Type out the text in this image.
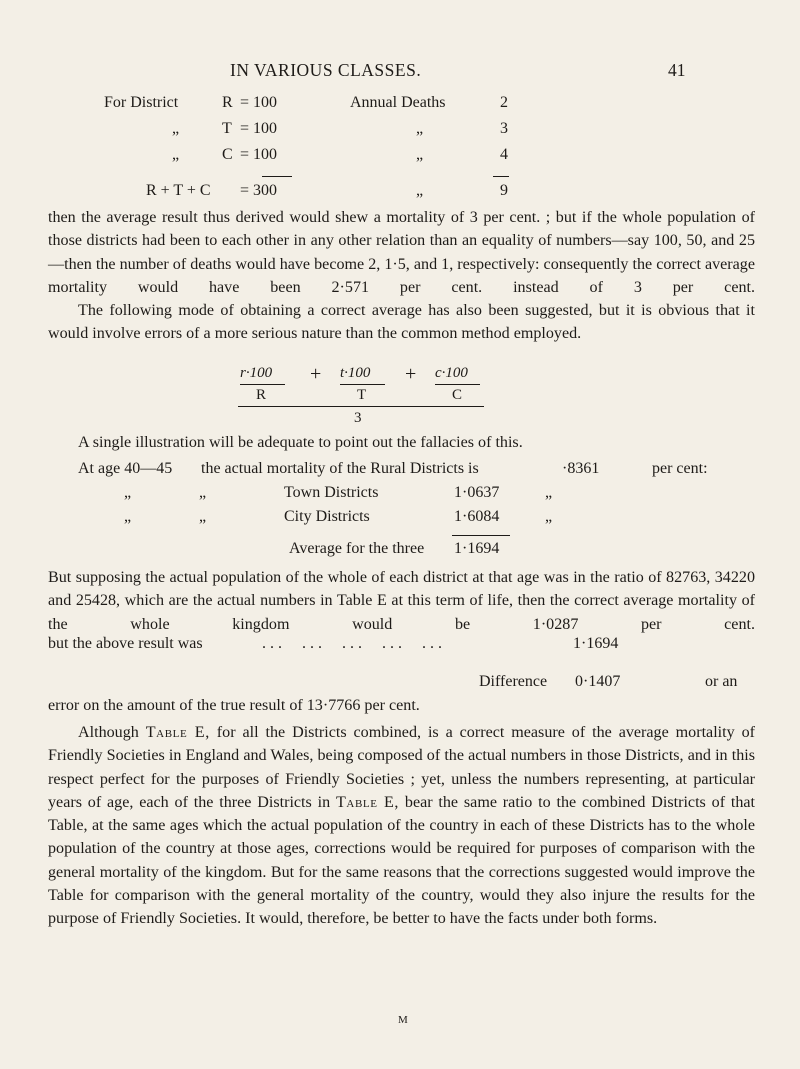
IN VARIOUS CLASSES.	41
For District	R = 100	Annual Deaths	2
„	T = 100	„	3
„	C = 100	„	4
R + T + C = 300	„	9
then the average result thus derived would shew a mortality of 3 per cent. ; but if the whole population of those districts had been to each other in any other relation than an equality of numbers—say 100, 50, and 25—then the number of deaths would have become 2, 1·5, and 1, respectively: consequently the correct average mortality would have been 2·571 per cent. instead of 3 per cent.
The following mode of obtaining a correct average has also been suggested, but it is obvious that it would involve errors of a more serious nature than the common method employed.
r·100
R
+ t·100
T
+ c·100
C
3
A single illustration will be adequate to point out the fallacies of this.
At age 40—45 the actual mortality of the Rural Districts is	·8361	per cent:
„	„	Town Districts	1·0637	„
„	„	City Districts	1·6084	„
Average for the three 1·1694
But supposing the actual population of the whole of each district at that age was in the ratio of 82763, 34220 and 25428, which are the actual numbers in Table E at this term of life, then the correct average mortality of the whole kingdom would be 1·0287 per cent.
but the above result was	. . .     . . .     . . .     . . .     . . .	1·1694
Difference 0·1407	or an
error on the amount of the true result of 13·7766 per cent.
Although Table E, for all the Districts combined, is a correct measure of the average mortality of Friendly Societies in England and Wales, being composed of the actual numbers in those Districts, and in this respect perfect for the purposes of Friendly Societies ; yet, unless the numbers representing, at particular years of age, each of the three Districts in Table E, bear the same ratio to the combined Districts of that Table, at the same ages which the actual population of the country in each of these Districts has to the whole population of the country at those ages, corrections would be required for purposes of comparison with the general mortality of the kingdom. But for the same reasons that the corrections suggested would improve the Table for comparison with the general mortality of the country, would they also injure the results for the purpose of Friendly Societies. It would, therefore, be better to have the facts under both forms.
M
